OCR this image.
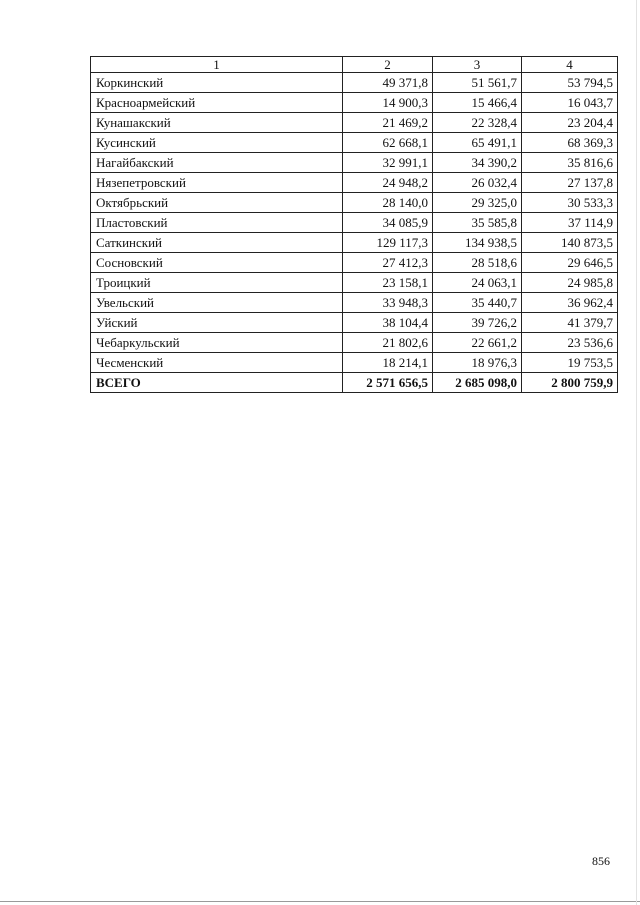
1	2	3	4
Коркинский	49 371,8	51 561,7	53 794,5
Красноармейский	14 900,3	15 466,4	16 043,7
Кунашакский	21 469,2	22 328,4	23 204,4
Кусинский	62 668,1	65 491,1	68 369,3
Нагайбакский	32 991,1	34 390,2	35 816,6
Нязепетровский	24 948,2	26 032,4	27 137,8
Октябрьский	28 140,0	29 325,0	30 533,3
Пластовский	34 085,9	35 585,8	37 114,9
Саткинский	129 117,3	134 938,5	140 873,5
Сосновский	27 412,3	28 518,6	29 646,5
Троицкий	23 158,1	24 063,1	24 985,8
Увельский	33 948,3	35 440,7	36 962,4
Уйский	38 104,4	39 726,2	41 379,7
Чебаркульский	21 802,6	22 661,2	23 536,6
Чесменский	18 214,1	18 976,3	19 753,5
ВСЕГО	2 571 656,5	2 685 098,0	2 800 759,9
856
